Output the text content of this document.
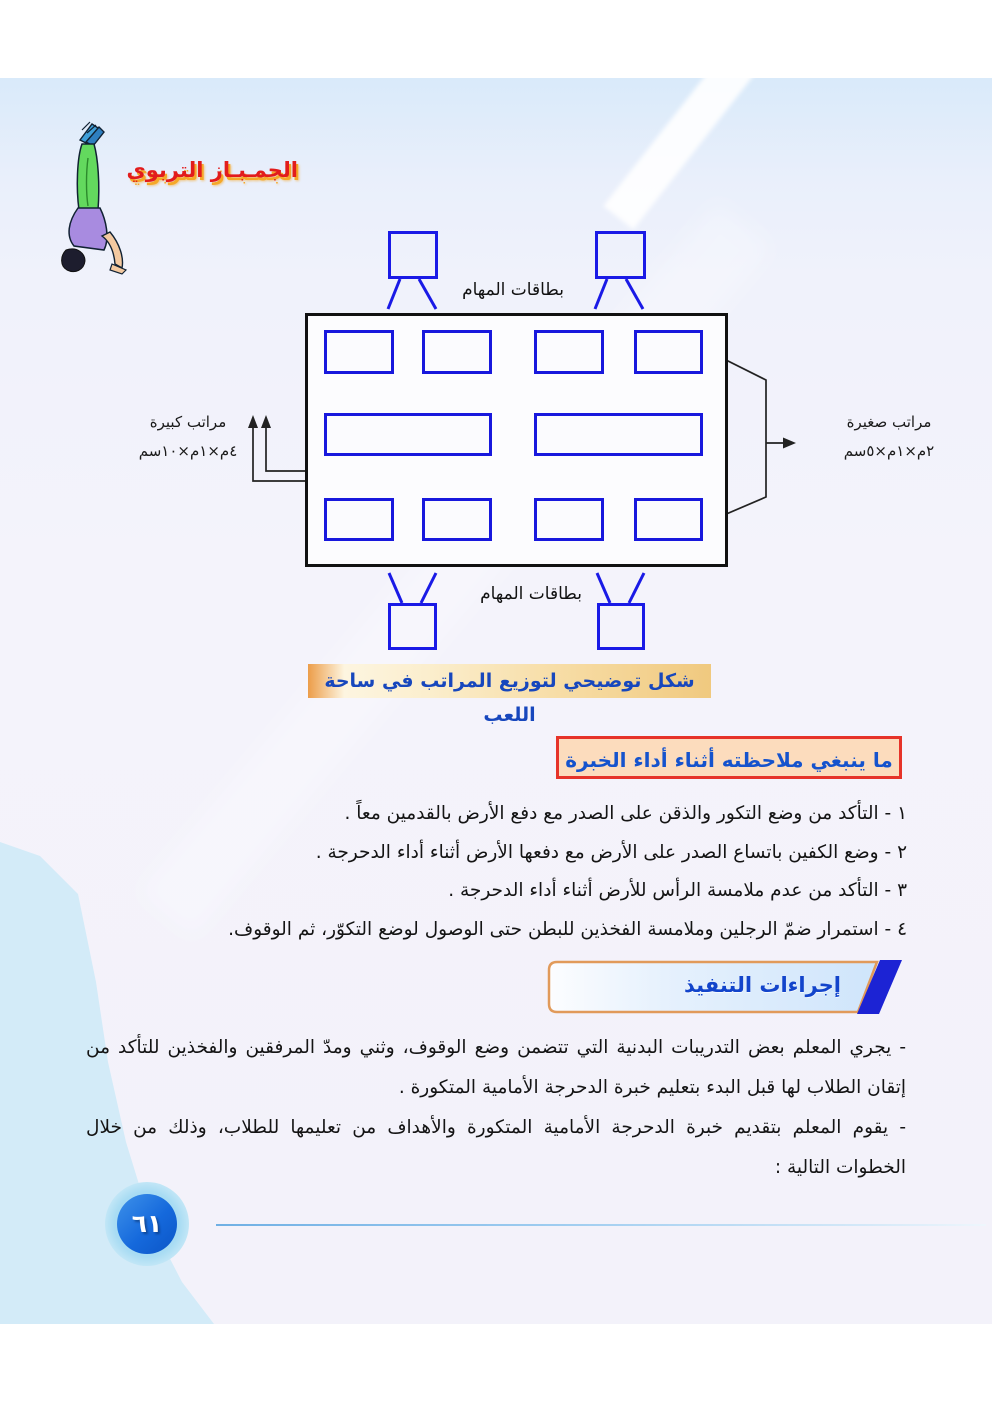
الجمـبـاز التربوي
بطاقات المهام
مراتب كبيرة
٤م×١م×١٠سم
مراتب صغيرة
٢م×١م×٥سم
بطاقات المهام
شكل توضيحي لتوزيع المراتب في ساحة اللعب
ما ينبغي ملاحظته أثناء أداء الخبرة
١ - التأكد من وضع التكور والذقن على الصدر مع دفع الأرض بالقدمين معاً .
٢ - وضع الكفين باتساع الصدر على الأرض مع دفعها الأرض أثناء أداء الدحرجة .
٣ - التأكد من عدم ملامسة الرأس للأرض أثناء أداء الدحرجة .
٤ - استمرار ضمّ الرجلين وملامسة الفخذين للبطن حتى الوصول لوضع التكوّر، ثم الوقوف.
إجراءات التنفيذ

- يجري المعلم بعض التدريبات البدنية التي تتضمن وضع الوقوف، وثني ومدّ المرفقين والفخذين للتأكد من إتقان الطلاب لها قبل البدء بتعليم خبرة الدحرجة الأمامية المتكورة .

- يقوم المعلم بتقديم خبرة الدحرجة الأمامية المتكورة والأهداف من تعليمها للطلاب، وذلك من خلال الخطوات التالية :

٦١
